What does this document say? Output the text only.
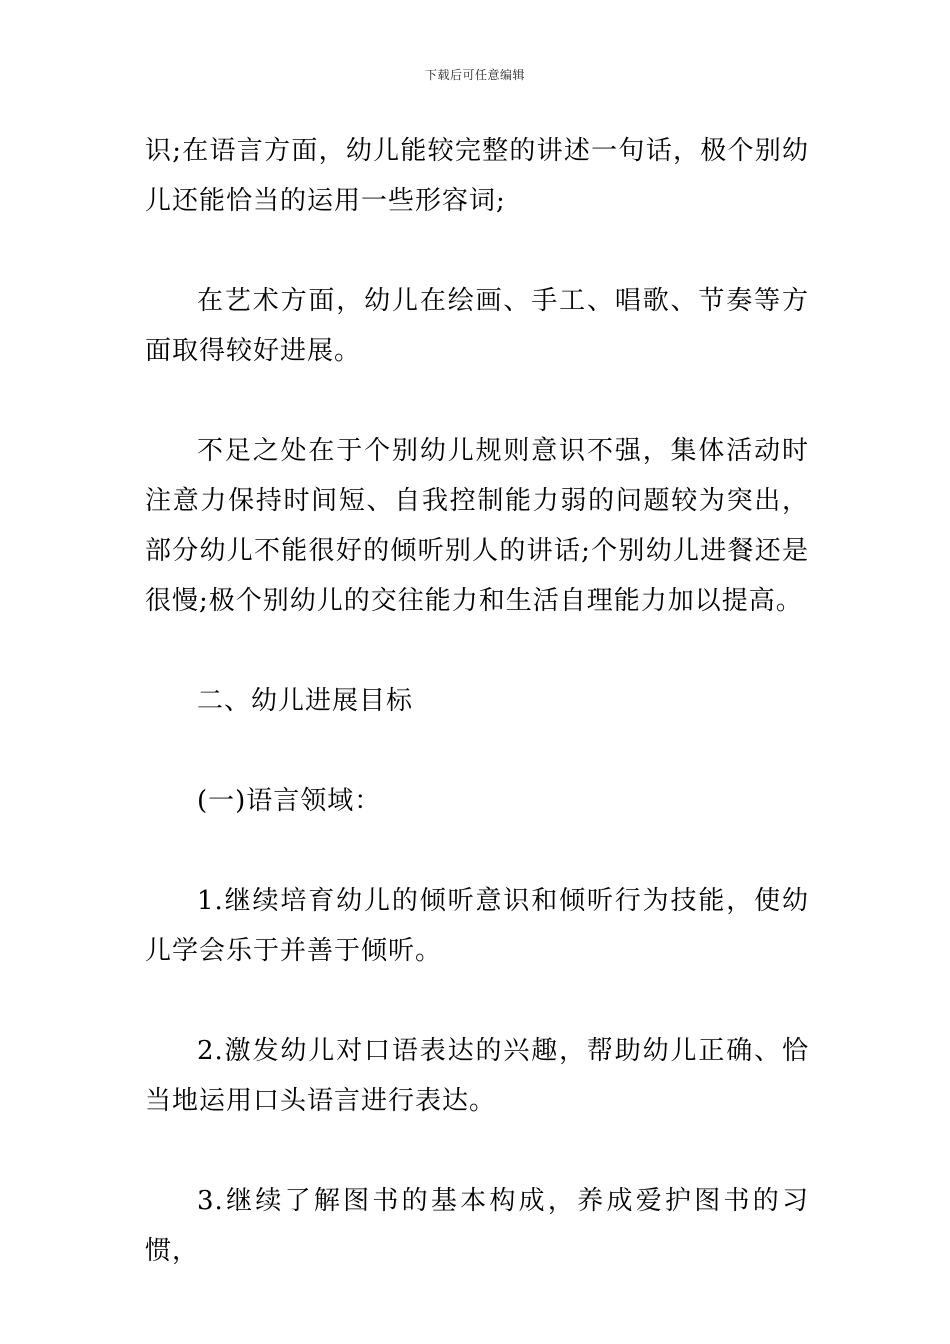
下载后可任意编辑

识;在语言方面，幼儿能较完整的讲述一句话，极个别幼儿还能恰当的运用一些形容词;

在艺术方面，幼儿在绘画、手工、唱歌、节奏等方面取得较好进展。

不足之处在于个别幼儿规则意识不强，集体活动时注意力保持时间短、自我控制能力弱的问题较为突出，部分幼儿不能很好的倾听别人的讲话;个别幼儿进餐还是很慢;极个别幼儿的交往能力和生活自理能力加以提高。

二、幼儿进展目标

(一)语言领域：

1.继续培育幼儿的倾听意识和倾听行为技能，使幼儿学会乐于并善于倾听。

2.激发幼儿对口语表达的兴趣，帮助幼儿正确、恰当地运用口头语言进行表达。

3.继续了解图书的基本构成，养成爱护图书的习惯，
